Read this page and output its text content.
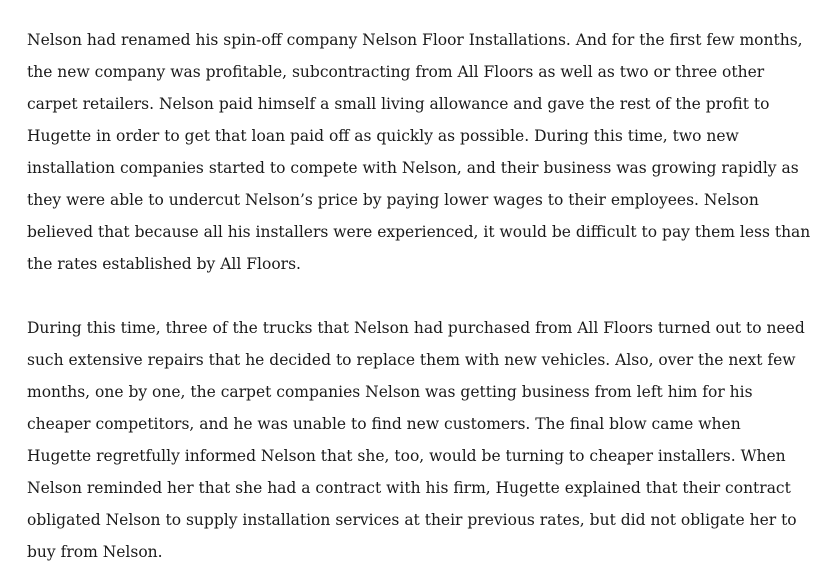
Nelson had renamed his spin-off company Nelson Floor Installations. And for the first few months,
the new company was profitable, subcontracting from All Floors as well as two or three other
carpet retailers. Nelson paid himself a small living allowance and gave the rest of the profit to
Hugette in order to get that loan paid off as quickly as possible. During this time, two new
installation companies started to compete with Nelson, and their business was growing rapidly as
they were able to undercut Nelson’s price by paying lower wages to their employees. Nelson
believed that because all his installers were experienced, it would be difficult to pay them less than
the rates established by All Floors.

During this time, three of the trucks that Nelson had purchased from All Floors turned out to need
such extensive repairs that he decided to replace them with new vehicles. Also, over the next few
months, one by one, the carpet companies Nelson was getting business from left him for his
cheaper competitors, and he was unable to find new customers. The final blow came when
Hugette regretfully informed Nelson that she, too, would be turning to cheaper installers. When
Nelson reminded her that she had a contract with his firm, Hugette explained that their contract
obligated Nelson to supply installation services at their previous rates, but did not obligate her to
buy from Nelson.
